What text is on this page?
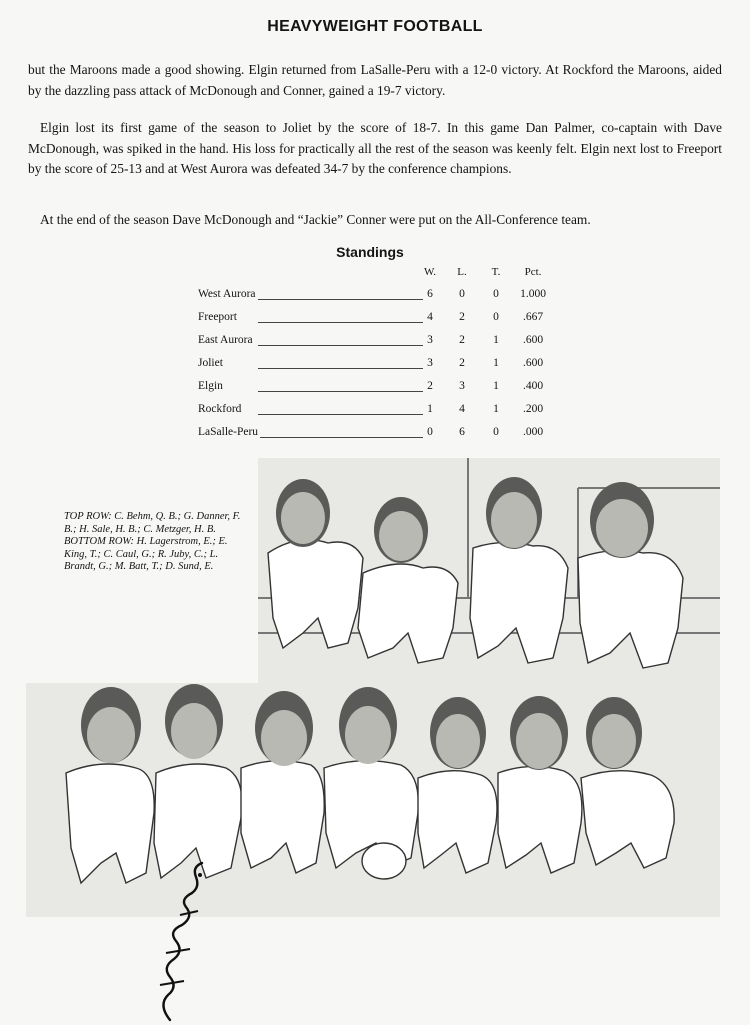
HEAVYWEIGHT FOOTBALL

but the Maroons made a good showing. Elgin returned from LaSalle-Peru with a 12-0 victory. At Rockford the Maroons, aided by the dazzling pass attack of McDonough and Conner, gained a 19-7 victory.

Elgin lost its first game of the season to Joliet by the score of 18-7. In this game Dan Palmer, co-captain with Dave McDonough, was spiked in the hand. His loss for practically all the rest of the season was keenly felt. Elgin next lost to Freeport by the score of 25-13 and at West Aurora was defeated 34-7 by the conference champions.

At the end of the season Dave McDonough and “Jackie” Conner were put on the All-Conference team.

Standings
W.	L.	T.	Pct.
West Aurora	6	0	0	1.000
Freeport	4	2	0	.667
East Aurora	3	2	1	.600
Joliet	3	2	1	.600
Elgin	2	3	1	.400
Rockford	1	4	1	.200
LaSalle-Peru	0	6	0	.000

TOP ROW: C. Behm, Q. B.; G. Danner, F. B.; H. Sale, H. B.; C. Metzger, H. B. BOTTOM ROW: H. Lagerstrom, E.; E. King, T.; C. Caul, G.; R. Juby, C.; L. Brandt, G.; M. Batt, T.; D. Sund, E.
